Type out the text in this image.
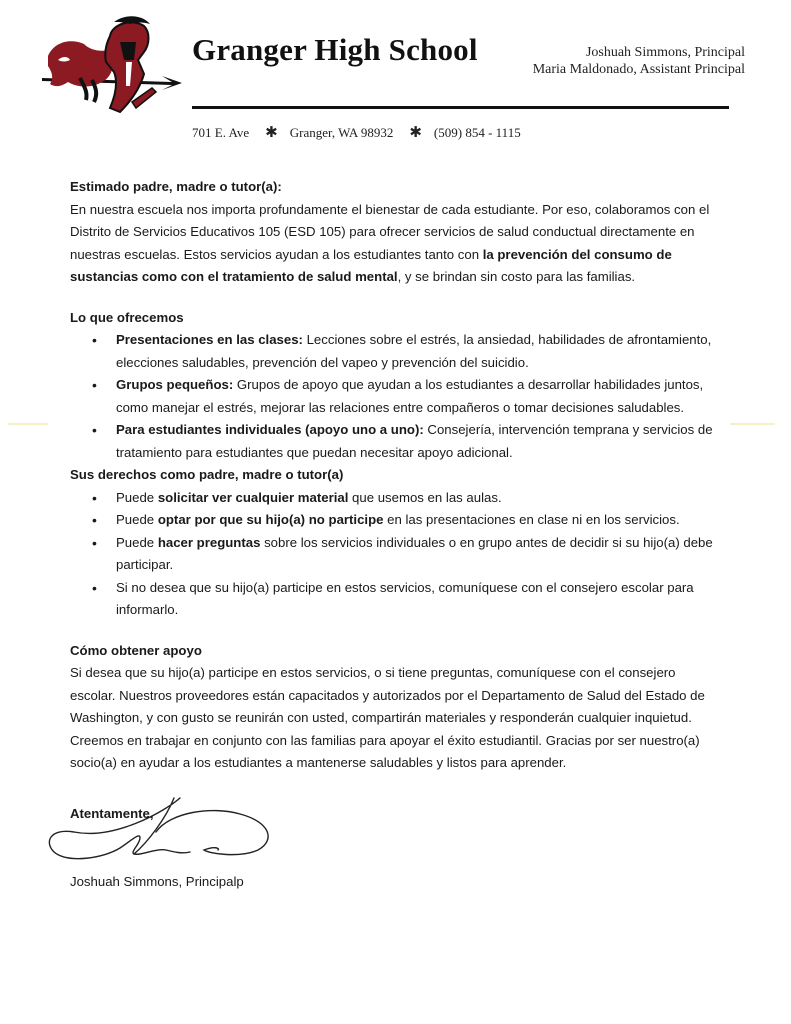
Granger High School	Joshuah Simmons, Principal
Maria Maldonado, Assistant Principal
701 E. Ave ✱ Granger, WA 98932 ✱ (509) 854 - 1115

Estimado padre, madre o tutor(a):

En nuestra escuela nos importa profundamente el bienestar de cada estudiante. Por eso, colaboramos con el Distrito de Servicios Educativos 105 (ESD 105) para ofrecer servicios de salud conductual directamente en nuestras escuelas. Estos servicios ayudan a los estudiantes tanto con la prevención del consumo de sustancias como con el tratamiento de salud mental, y se brindan sin costo para las familias.

Lo que ofrecemos

• Presentaciones en las clases: Lecciones sobre el estrés, la ansiedad, habilidades de afrontamiento, elecciones saludables, prevención del vapeo y prevención del suicidio.
• Grupos pequeños: Grupos de apoyo que ayudan a los estudiantes a desarrollar habilidades juntos, como manejar el estrés, mejorar las relaciones entre compañeros o tomar decisiones saludables.
• Para estudiantes individuales (apoyo uno a uno): Consejería, intervención temprana y servicios de tratamiento para estudiantes que puedan necesitar apoyo adicional.

Sus derechos como padre, madre o tutor(a)

• Puede solicitar ver cualquier material que usemos en las aulas.
• Puede optar por que su hijo(a) no participe en las presentaciones en clase ni en los servicios.
• Puede hacer preguntas sobre los servicios individuales o en grupo antes de decidir si su hijo(a) debe participar.
• Si no desea que su hijo(a) participe en estos servicios, comuníquese con el consejero escolar para informarlo.

Cómo obtener apoyo

Si desea que su hijo(a) participe en estos servicios, o si tiene preguntas, comuníquese con el consejero escolar. Nuestros proveedores están capacitados y autorizados por el Departamento de Salud del Estado de Washington, y con gusto se reunirán con usted, compartirán materiales y responderán cualquier inquietud. Creemos en trabajar en conjunto con las familias para apoyar el éxito estudiantil. Gracias por ser nuestro(a) socio(a) en ayudar a los estudiantes a mantenerse saludables y listos para aprender.

Atentamente,
Joshuah Simmons, Principalp
